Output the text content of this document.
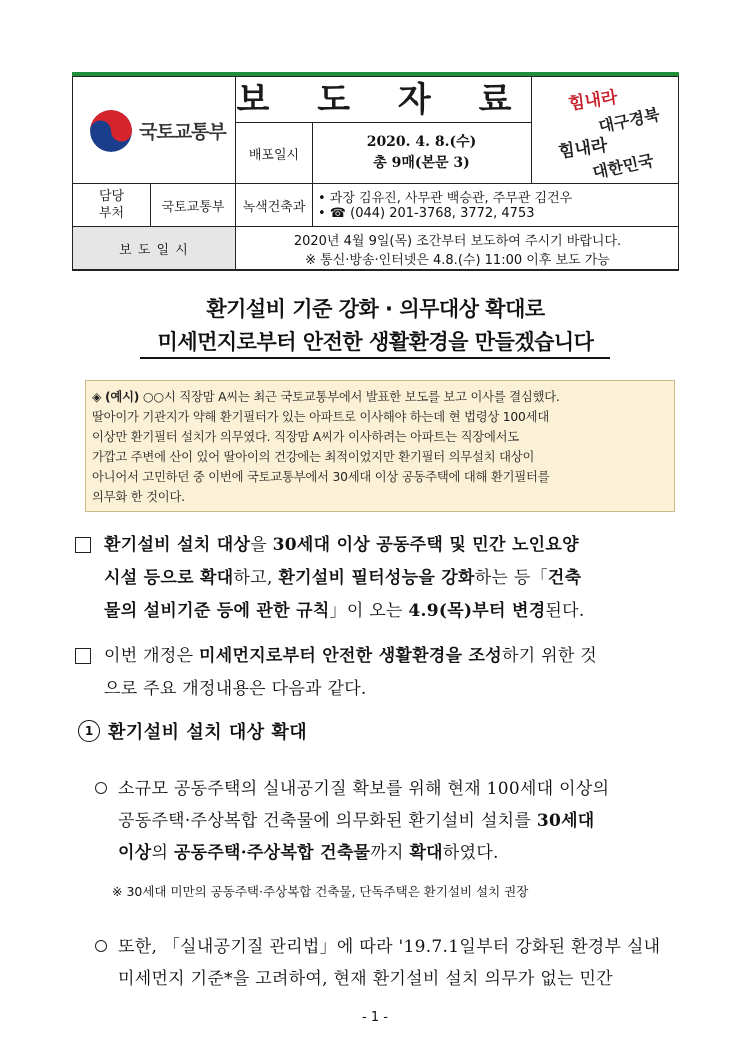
국토교통부
보 도 자 료
배포일시
2020. 4. 8.(수)
총 9매(본문 3)
힘내라
대구경북
힘내라
대한민국
담당
부처	국토교통부	녹색건축과
• 과장 김유진, 사무관 백승관, 주무관 김건우
• ☎ (044) 201-3768, 3772, 4753
보 도 일 시
2020년 4월 9일(목) 조간부터 보도하여 주시기 바랍니다.
※ 통신·방송·인터넷은 4.8.(수) 11:00 이후 보도 가능
환기설비 기준 강화 · 의무대상 확대로
미세먼지로부터 안전한 생활환경을 만들겠습니다
◈ (예시) ○○시 직장맘 A씨는 최근 국토교통부에서 발표한 보도를 보고 이사를 결심했다.
딸아이가 기관지가 약해 환기필터가 있는 아파트로 이사해야 하는데 현 법령상 100세대
이상만 환기필터 설치가 의무였다. 직장맘 A씨가 이사하려는 아파트는 직장에서도
가깝고 주변에 산이 있어 딸아이의 건강에는 최적이었지만 환기필터 의무설치 대상이
아니어서 고민하던 중 이번에 국토교통부에서 30세대 이상 공동주택에 대해 환기필터를
의무화 한 것이다.
환기설비 설치 대상을 30세대 이상 공동주택 및 민간 노인요양
시설 등으로 확대하고, 환기설비 필터성능을 강화하는 등「건축
물의 설비기준 등에 관한 규칙」이 오는 4.9(목)부터 변경된다.
이번 개정은 미세먼지로부터 안전한 생활환경을 조성하기 위한 것
으로 주요 개정내용은 다음과 같다.
1 환기설비 설치 대상 확대
소규모 공동주택의 실내공기질 확보를 위해 현재 100세대 이상의
공동주택·주상복합 건축물에 의무화된 환기설비 설치를 30세대
이상의 공동주택·주상복합 건축물까지 확대하였다.
※ 30세대 미만의 공동주택·주상복합 건축물, 단독주택은 환기설비 설치 권장
또한, 「실내공기질 관리법」에 따라 '19.7.1일부터 강화된 환경부 실내
미세먼지 기준*을 고려하여, 현재 환기설비 설치 의무가 없는 민간
- 1 -
